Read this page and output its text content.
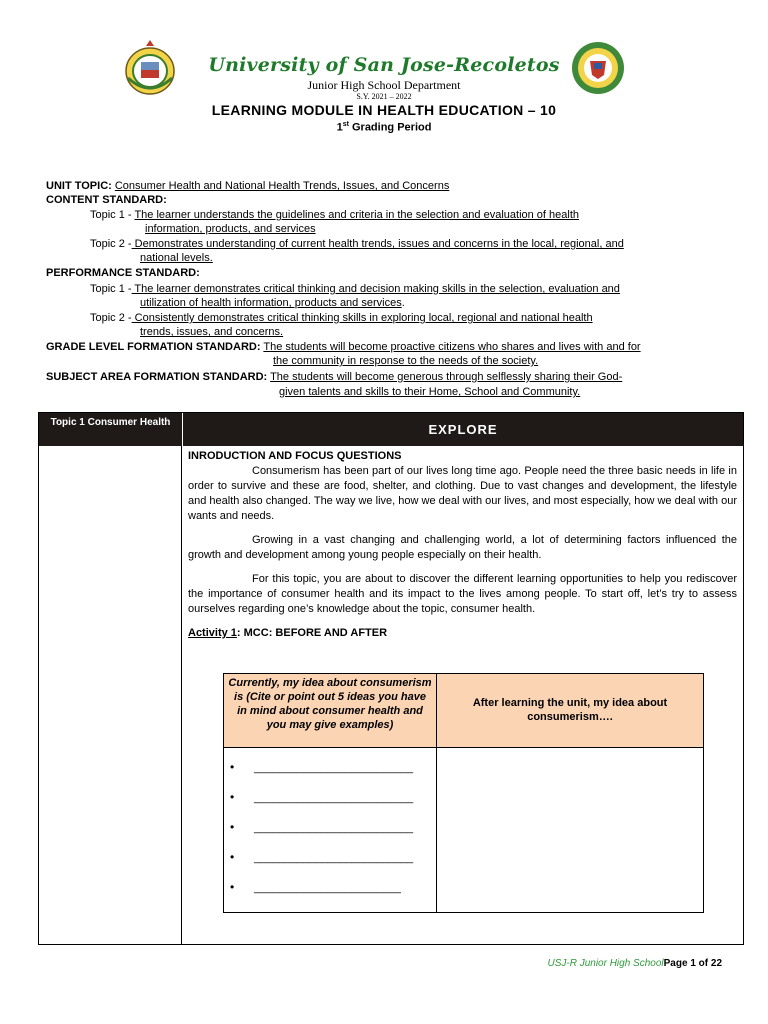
University of San Jose-Recoletos
Junior High School Department
S.Y. 2021 – 2022
LEARNING MODULE IN HEALTH EDUCATION – 10
1st Grading Period
UNIT TOPIC: Consumer Health and National Health Trends, Issues, and Concerns
CONTENT STANDARD:
Topic 1 - The learner understands the guidelines and criteria in the selection and evaluation of health
information, products, and services
Topic 2 - Demonstrates understanding of current health trends, issues and concerns in the local, regional, and
national levels.
PERFORMANCE STANDARD:
Topic 1 - The learner demonstrates critical thinking and decision making skills in the selection, evaluation and
utilization of health information, products and services.
Topic 2 - Consistently demonstrates critical thinking skills in exploring local, regional and national health
trends, issues, and concerns.
GRADE LEVEL FORMATION STANDARD: The students will become proactive citizens who shares and lives with and for
the community in response to the needs of the society.
SUBJECT AREA FORMATION STANDARD: The students will become generous through selflessly sharing their God-
given talents and skills to their Home, School and Community.
Topic 1 Consumer Health	EXPLORE
INRODUCTION AND FOCUS QUESTIONS

Consumerism has been part of our lives long time ago. People need the three basic needs in life in order to survive and these are food, shelter, and clothing. Due to vast changes and development, the lifestyle and health also changed. The way we live, how we deal with our lives, and most especially, how we deal with our wants and needs.

Growing in a vast changing and challenging world, a lot of determining factors influenced the growth and development among young people especially on their health.

For this topic, you are about to discover the different learning opportunities to help you rediscover the importance of consumer health and its impact to the lives among people. To start off, let’s try to assess ourselves regarding one’s knowledge about the topic, consumer health.

Activity 1: MCC: BEFORE AND AFTER
Currently, my idea about consumerism is (Cite or point out 5 ideas you have in mind about consumer health and you may give examples)
After learning the unit, my idea about consumerism….
• __________________________
• __________________________
• __________________________
• __________________________
• ________________________
USJ-R Junior High SchoolPage 1 of 22
